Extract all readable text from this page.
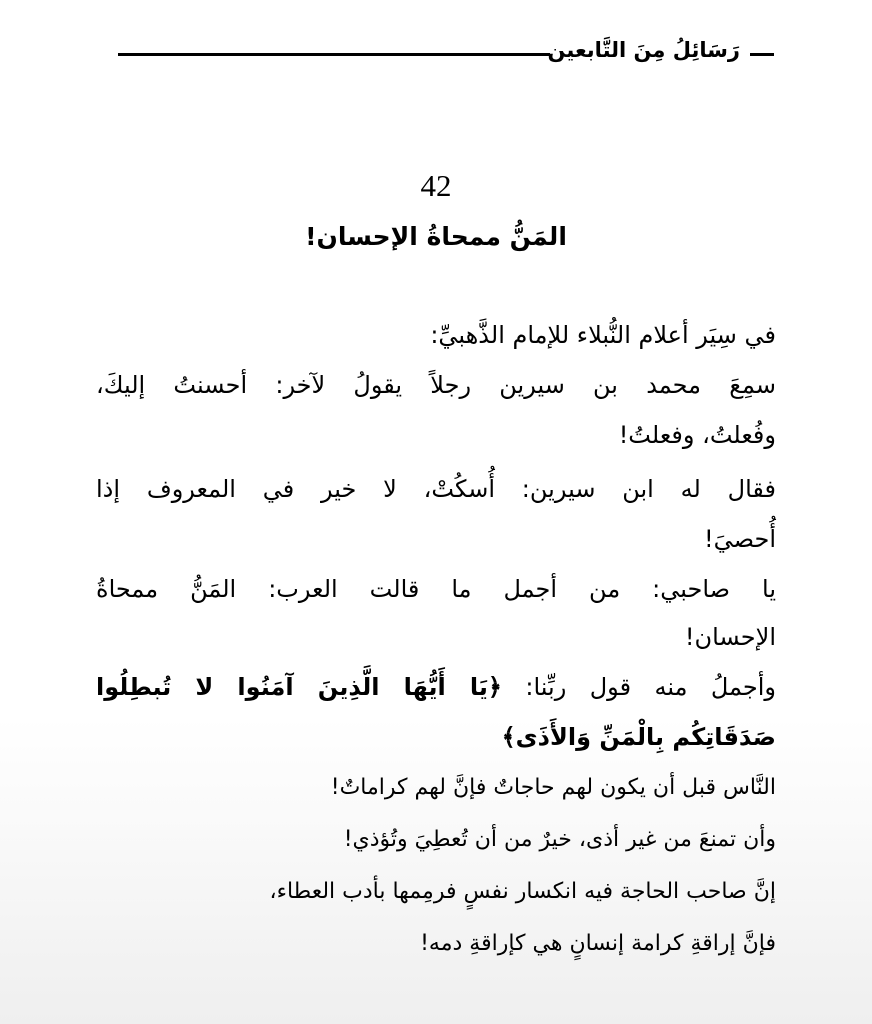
رَسَائِلُ مِنَ التَّابعين
42
المَنُّ ممحاةُ الإحسان!
في سِيَر أعلام النُّبلاء للإمام الذَّهبيِّ:
سمِعَ محمد بن سيرين رجلاً يقولُ لآخر: أحسنتُ إليكَ،
وفُعلتُ، وفعلتُ!
فقال له ابن سيرين: أُسكُتْ، لا خير في المعروف إذا
أُحصيَ!
يا صاحبي: من أجمل ما قالت العرب: المَنُّ ممحاةُ
الإحسان!
وأجملُ منه قول ربِّنا: ﴿يَا أَيُّهَا الَّذِينَ آمَنُوا لا تُبطِلُوا
صَدَقَاتِكُم بِالْمَنِّ وَالأَذَى﴾
النَّاس قبل أن يكون لهم حاجاتٌ فإنَّ لهم كراماتٌ!
وأن تمنعَ من غير أذى، خيرٌ من أن تُعطِيَ وتُؤذي!
إنَّ صاحب الحاجة فيه انكسار نفسٍ فرمِمها بأدب العطاء،
فإنَّ إراقةِ كرامة إنسانٍ هي كإراقةِ دمه!
